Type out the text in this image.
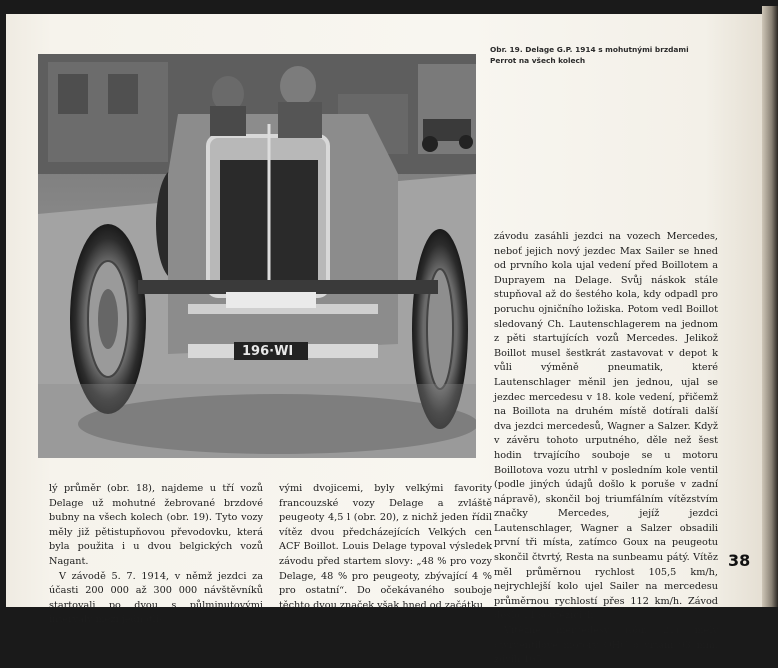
196·WI
Obr. 19. Delage G.P. 1914 s mohutnými brzdami Perrot na všech kolech

lý průměr (obr. 18), najdeme u tří vozů Delage už mohutné žebrované brzdové bubny na všech kolech (obr. 19). Tyto vozy měly již pětistupňovou převodovku, která byla použita i u dvou belgických vozů Nagant.

V závodě 5. 7. 1914, v němž jezdci za účasti 200 000 až 300 000 návštěvníků startovali po dvou s půlminutovými intervaly mezi jednotli-

vými dvojicemi, byly velkými favority francouzské vozy Delage a zvláště peugeoty 4,5 l (obr. 20), z nichž jeden řídil vítěz dvou předcházejících Velkých cen ACF Boillot. Louis Delage typoval výsledek závodu před startem slovy: „48 % pro vozy Delage, 48 % pro peugeoty, zbývající 4 % pro ostatní“. Do očekávaného souboje těchto dvou značek však hned od začátku

závodu zasáhli jezdci na vozech Mercedes, neboť jejich nový jezdec Max Sailer se hned od prvního kola ujal vedení před Boillotem a Duprayem na Delage. Svůj náskok stále stupňoval až do šestého kola, kdy odpadl pro poruchu ojničního ložiska. Potom vedl Boillot sledovaný Ch. Lautenschlagerem na jednom z pěti startujících vozů Mercedes. Jelikož Boillot musel šestkrát zastavovat v depot k vůli výměně pneumatik, které Lautenschlager měnil jen jednou, ujal se jezdec mercedesu v 18. kole vedení, přičemž na Boillota na druhém místě dotírali další dva jezdci mercedesů, Wagner a Salzer. Když v závěru tohoto urputného, děle než šest hodin trvajícího souboje se u motoru Boillotova vozu utrhl v posledním kole ventil (podle jiných údajů došlo k poruše v zadní nápravě), skončil boj triumfálním vítězstvím značky Mercedes, jejíž jezdci Lautenschlager, Wagner a Salzer obsadili první tři místa, zatímco Goux na peugeotu skončil čtvrtý, Resta na sunbeamu pátý. Vítěz měl průměrnou rychlost 105,5 km/h, nejrychlejší kolo ujel Sailer na mercedesu průměrnou rychlostí přes 112 km/h. Závod došlo 11 soutěžících.

Vítězné mercedesy (obr. 21) měly čtyřventilové motory OHC o vrtání 93 mm, zdvih 165

38
